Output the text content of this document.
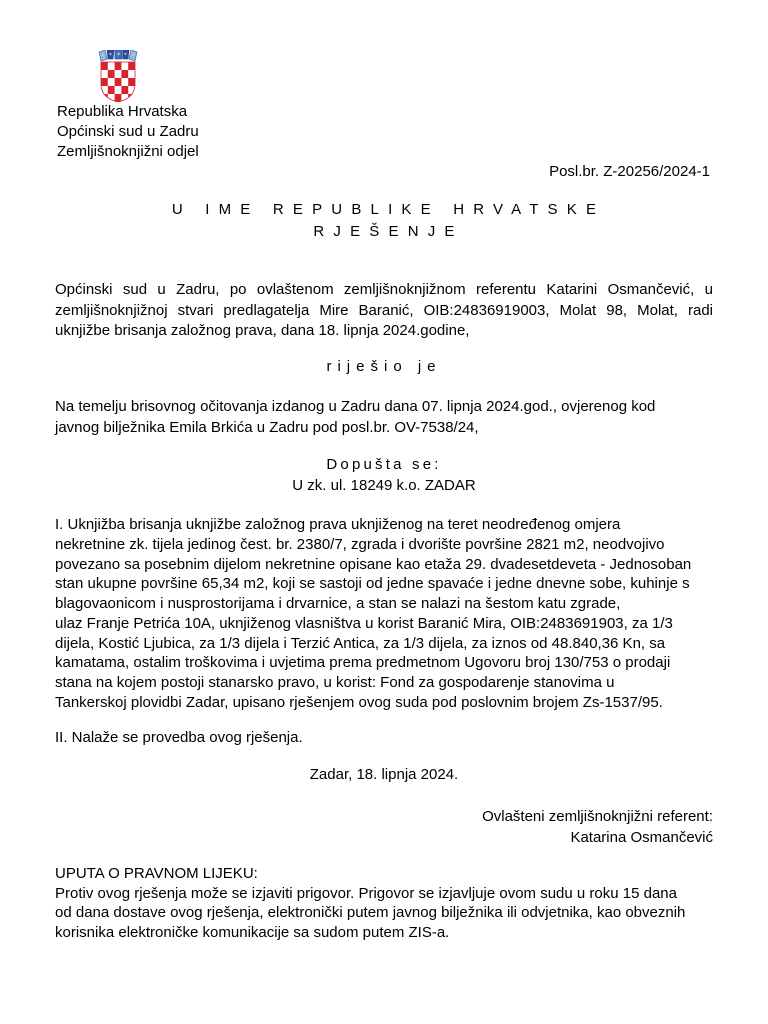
Republika Hrvatska
Općinski sud u Zadru
Zemljišnoknjižni odjel
Posl.br. Z-20256/2024-1
U IME REPUBLIKE HRVATSKE
RJEŠENJE
Općinski sud u Zadru, po ovlaštenom zemljišnoknjižnom referentu Katarini Osmančević, u zemljišnoknjižnoj stvari predlagatelja Mire Baranić, OIB:24836919003, Molat 98, Molat, radi uknjižbe brisanja založnog prava, dana 18. lipnja 2024.godine,
riješio je
Na temelju brisovnog očitovanja izdanog u Zadru dana 07. lipnja 2024.god., ovjerenog kod
javnog bilježnika Emila Brkića u Zadru pod posl.br. OV-7538/24,
Dopušta se:
U zk. ul. 18249 k.o. ZADAR
I. Uknjižba brisanja uknjižbe založnog prava uknjiženog na teret neodređenog omjera
nekretnine zk. tijela jedinog čest. br. 2380/7, zgrada i dvorište površine 2821 m2, neodvojivo
povezano sa posebnim dijelom nekretnine opisane kao etaža 29. dvadesetdeveta - Jednosoban
stan ukupne površine 65,34 m2, koji se sastoji od jedne spavaće i jedne dnevne sobe, kuhinje s
blagovaonicom i nusprostorijama i drvarnice, a stan se nalazi na šestom katu zgrade,
ulaz Franje Petrića 10A, uknjiženog vlasništva u korist Baranić Mira, OIB:2483691903, za 1/3
dijela, Kostić Ljubica, za 1/3 dijela i Terzić Antica, za 1/3 dijela, za iznos od 48.840,36 Kn, sa
kamatama, ostalim troškovima i uvjetima prema predmetnom Ugovoru broj 130/753 o prodaji
stana na kojem postoji stanarsko pravo, u korist: Fond za gospodarenje stanovima u
Tankerskoj plovidbi Zadar, upisano rješenjem ovog suda pod poslovnim brojem Zs-1537/95.
II. Nalaže se provedba ovog rješenja.
Zadar, 18. lipnja 2024.
Ovlašteni zemljišnoknjižni referent:
Katarina Osmančević
UPUTA O PRAVNOM LIJEKU:
Protiv ovog rješenja može se izjaviti prigovor. Prigovor se izjavljuje ovom sudu u roku 15 dana
od dana dostave ovog rješenja, elektronički putem javnog bilježnika ili odvjetnika, kao obveznih
korisnika elektroničke komunikacije sa sudom putem ZIS-a.
